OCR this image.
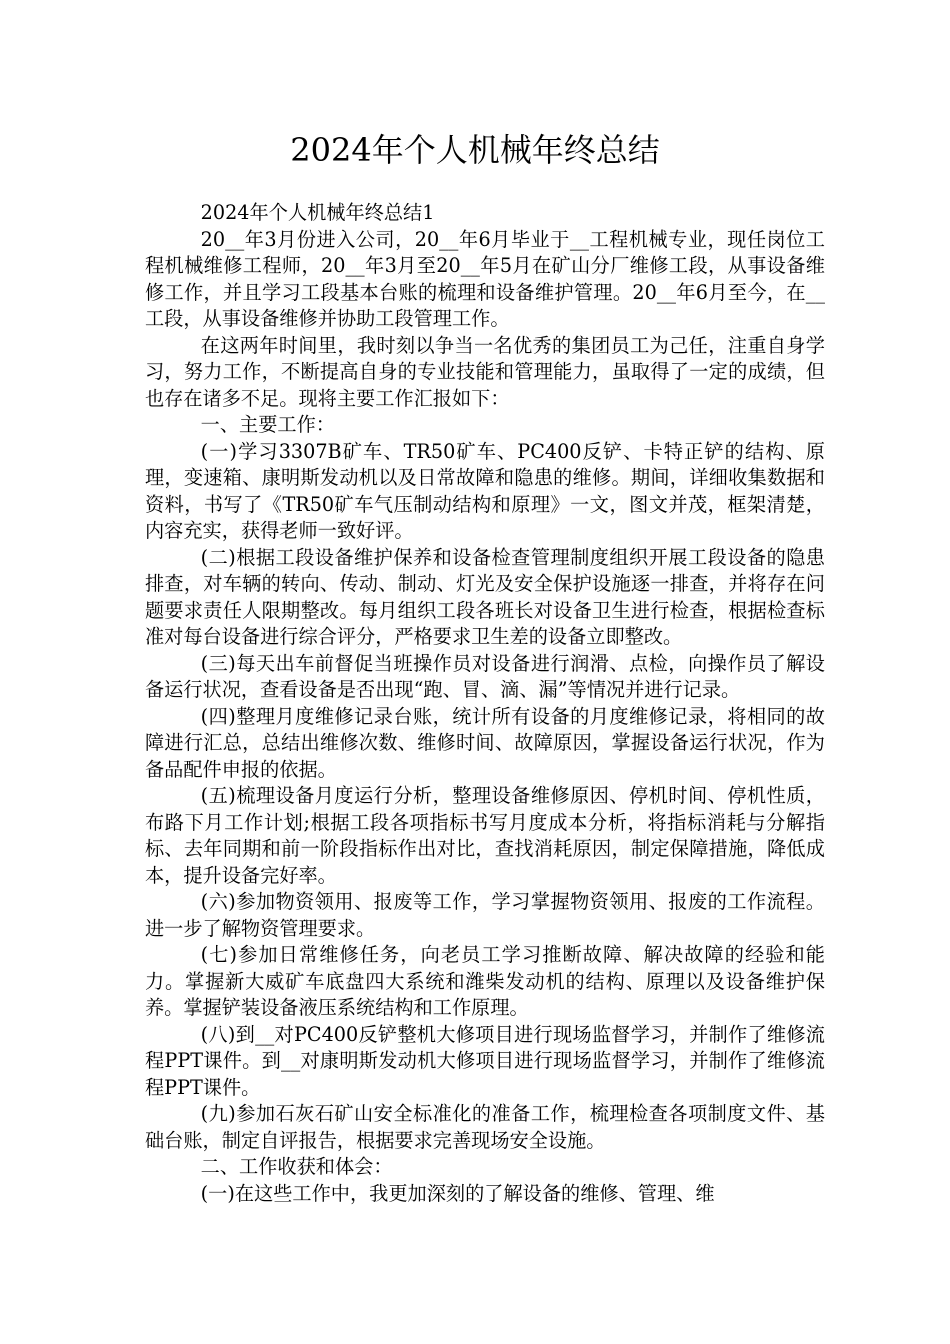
2024年个人机械年终总结

2024年个人机械年终总结1

20__年3月份进入公司，20__年6月毕业于__工程机械专业，现任岗位工程机械维修工程师，20__年3月至20__年5月在矿山分厂维修工段，从事设备维修工作，并且学习工段基本台账的梳理和设备维护管理。20__年6月至今，在__工段，从事设备维修并协助工段管理工作。

在这两年时间里，我时刻以争当一名优秀的集团员工为己任，注重自身学习，努力工作，不断提高自身的专业技能和管理能力，虽取得了一定的成绩，但也存在诸多不足。现将主要工作汇报如下：

一、主要工作：

(一)学习3307B矿车、TR50矿车、PC400反铲、卡特正铲的结构、原理，变速箱、康明斯发动机以及日常故障和隐患的维修。期间，详细收集数据和资料，书写了《TR50矿车气压制动结构和原理》一文，图文并茂，框架清楚，内容充实，获得老师一致好评。

(二)根据工段设备维护保养和设备检查管理制度组织开展工段设备的隐患排查，对车辆的转向、传动、制动、灯光及安全保护设施逐一排查，并将存在问题要求责任人限期整改。每月组织工段各班长对设备卫生进行检查，根据检查标准对每台设备进行综合评分，严格要求卫生差的设备立即整改。

(三)每天出车前督促当班操作员对设备进行润滑、点检，向操作员了解设备运行状况，查看设备是否出现“跑、冒、滴、漏”等情况并进行记录。

(四)整理月度维修记录台账，统计所有设备的月度维修记录，将相同的故障进行汇总，总结出维修次数、维修时间、故障原因，掌握设备运行状况，作为备品配件申报的依据。

(五)梳理设备月度运行分析，整理设备维修原因、停机时间、停机性质，布路下月工作计划;根据工段各项指标书写月度成本分析，将指标消耗与分解指标、去年同期和前一阶段指标作出对比，查找消耗原因，制定保障措施，降低成本，提升设备完好率。

(六)参加物资领用、报废等工作，学习掌握物资领用、报废的工作流程。进一步了解物资管理要求。

(七)参加日常维修任务，向老员工学习推断故障、解决故障的经验和能力。掌握新大威矿车底盘四大系统和潍柴发动机的结构、原理以及设备维护保养。掌握铲装设备液压系统结构和工作原理。

(八)到__对PC400反铲整机大修项目进行现场监督学习，并制作了维修流程PPT课件。到__对康明斯发动机大修项目进行现场监督学习，并制作了维修流程PPT课件。

(九)参加石灰石矿山安全标准化的准备工作，梳理检查各项制度文件、基础台账，制定自评报告，根据要求完善现场安全设施。

二、工作收获和体会：

(一)在这些工作中，我更加深刻的了解设备的维修、管理、维
